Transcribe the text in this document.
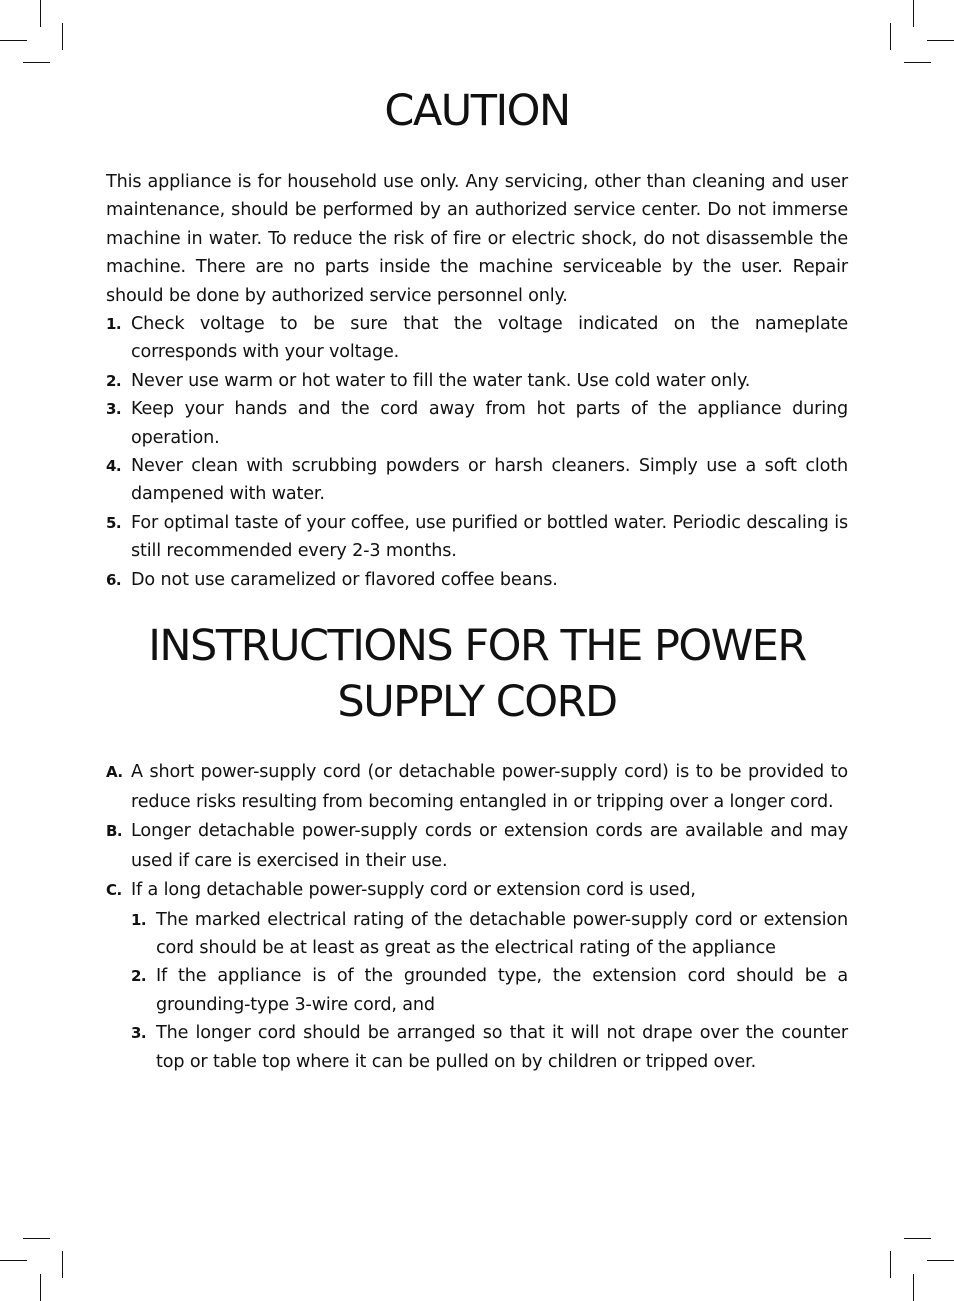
CAUTION

This appliance is for household use only. Any servicing, other than cleaning and user maintenance, should be performed by an authorized service center. Do not immerse machine in water. To reduce the risk of fire or electric shock, do not disassemble the machine. There are no parts inside the machine serviceable by the user. Repair should be done by authorized service personnel only.

1. Check voltage to be sure that the voltage indicated on the nameplate corresponds with your voltage.
2. Never use warm or hot water to fill the water tank. Use cold water only.
3. Keep your hands and the cord away from hot parts of the appliance during operation.
4. Never clean with scrubbing powders or harsh cleaners. Simply use a soft cloth dampened with water.
5. For optimal taste of your coffee, use purified or bottled water. Periodic descaling is still recommended every 2-3 months.
6. Do not use caramelized or flavored coffee beans.
INSTRUCTIONS FOR THE POWER
SUPPLY CORD
A. A short power-supply cord (or detachable power-supply cord) is to be provided to reduce risks resulting from becoming entangled in or tripping over a longer cord.
B. Longer detachable power-supply cords or extension cords are available and may used if care is exercised in their use.
C. If a long detachable power-supply cord or extension cord is used,
1. The marked electrical rating of the detachable power-supply cord or extension cord should be at least as great as the electrical rating of the appliance
2. If the appliance is of the grounded type, the extension cord should be a grounding-type 3-wire cord, and
3. The longer cord should be arranged so that it will not drape over the counter top or table top where it can be pulled on by children or tripped over.
